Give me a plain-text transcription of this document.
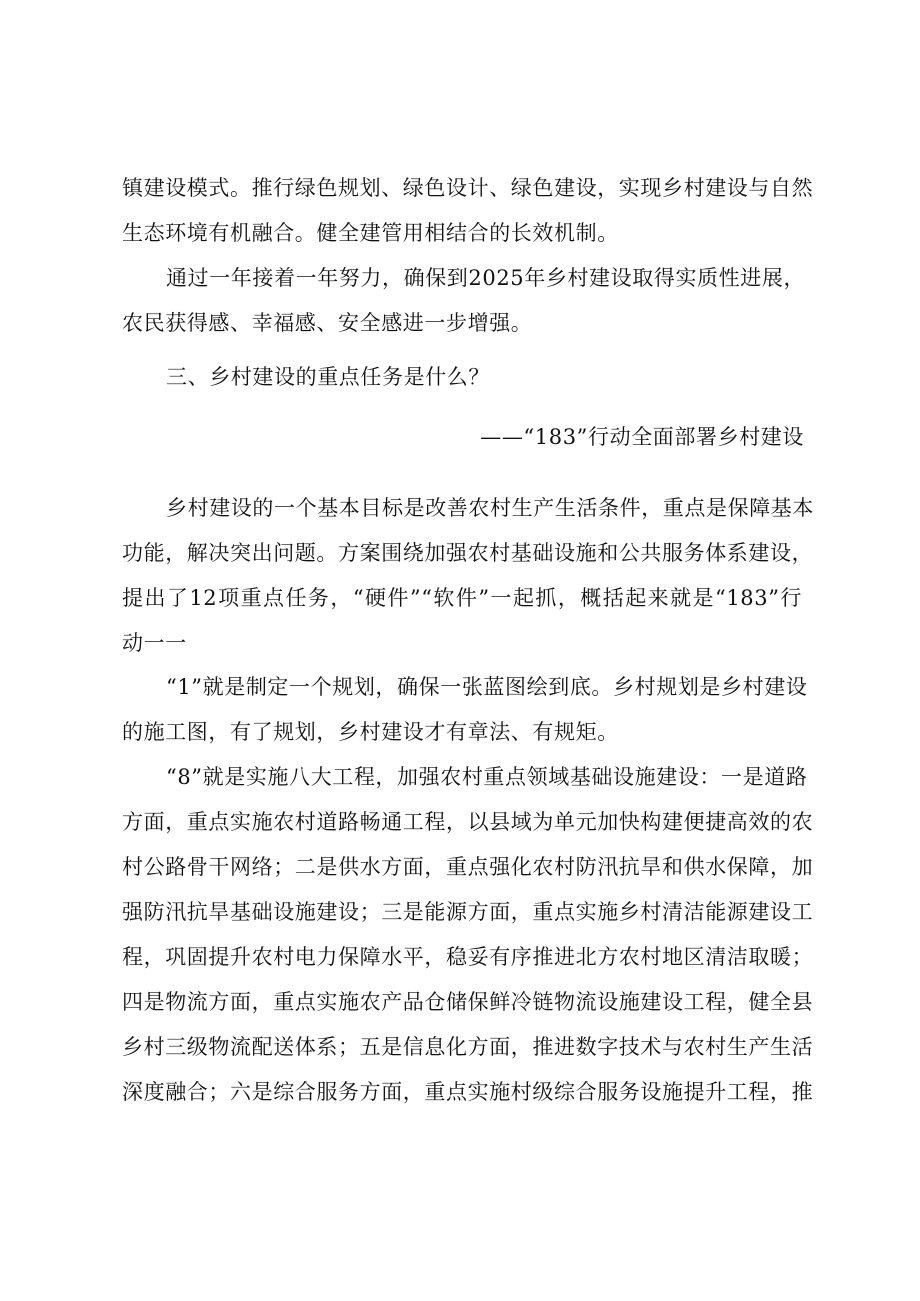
镇建设模式。推行绿色规划、绿色设计、绿色建设，实现乡村建设与自然
生态环境有机融合。健全建管用相结合的长效机制。
通过一年接着一年努力，确保到2025年乡村建设取得实质性进展，
农民获得感、幸福感、安全感进一步增强。
三、乡村建设的重点任务是什么？
——“183”行动全面部署乡村建设
乡村建设的一个基本目标是改善农村生产生活条件，重点是保障基本
功能，解决突出问题。方案围绕加强农村基础设施和公共服务体系建设，
提出了12项重点任务，“硬件”“软件”一起抓，概括起来就是“183”行
动一一
“1”就是制定一个规划，确保一张蓝图绘到底。乡村规划是乡村建设
的施工图，有了规划，乡村建设才有章法、有规矩。
“8”就是实施八大工程，加强农村重点领域基础设施建设：一是道路
方面，重点实施农村道路畅通工程，以县域为单元加快构建便捷高效的农
村公路骨干网络；二是供水方面，重点强化农村防汛抗旱和供水保障，加
强防汛抗旱基础设施建设；三是能源方面，重点实施乡村清洁能源建设工
程，巩固提升农村电力保障水平，稳妥有序推进北方农村地区清洁取暖；
四是物流方面，重点实施农产品仓储保鲜冷链物流设施建设工程，健全县
乡村三级物流配送体系；五是信息化方面，推进数字技术与农村生产生活
深度融合；六是综合服务方面，重点实施村级综合服务设施提升工程，推
